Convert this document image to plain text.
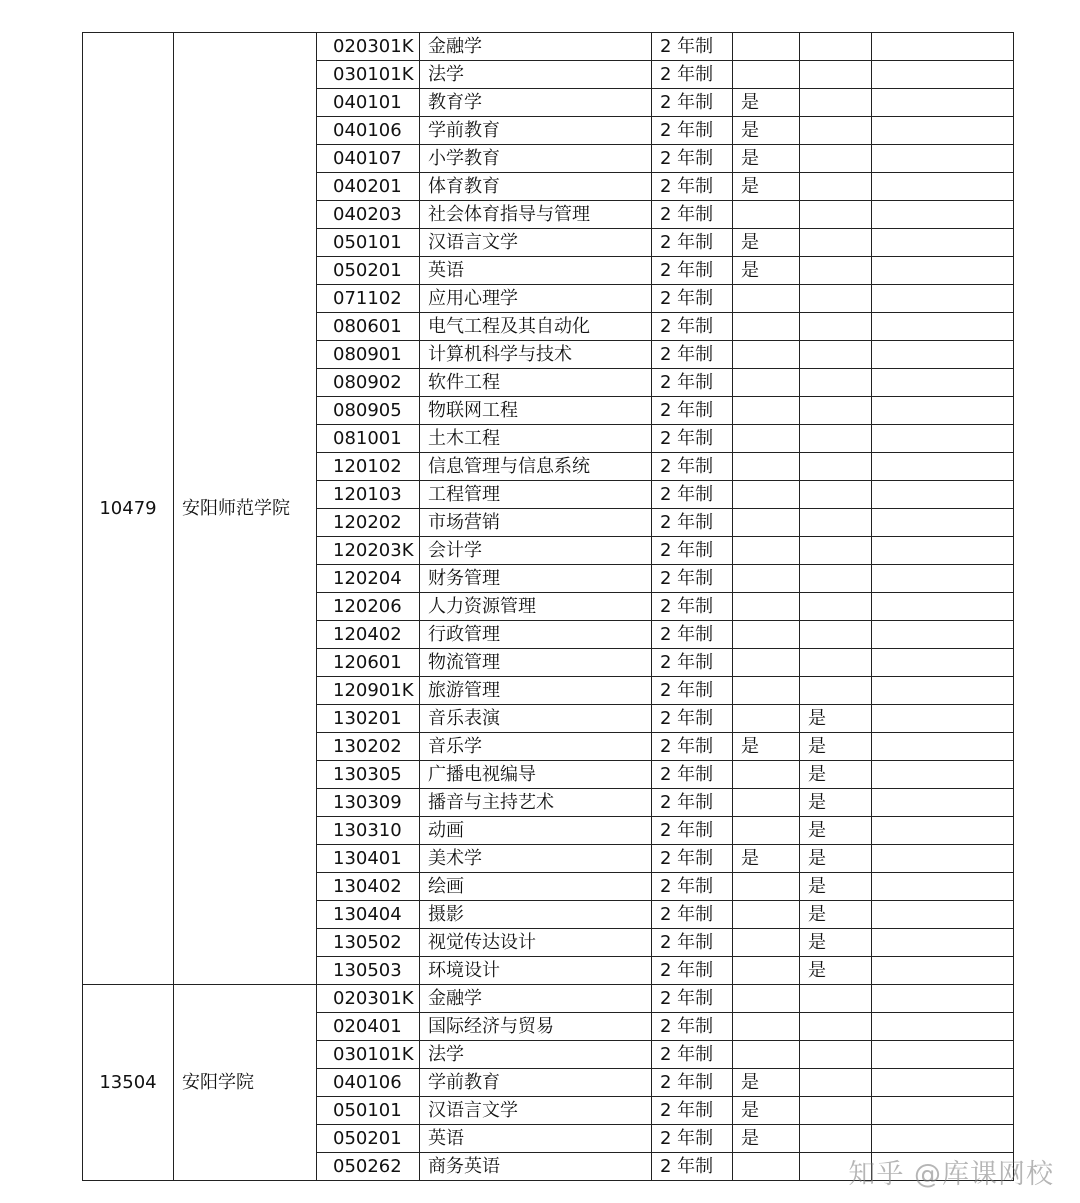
10479	安阳师范学院	020301K	金融学	2 年制			
		030101K	法学	2 年制			
		040101	教育学	2 年制	是		
		040106	学前教育	2 年制	是		
		040107	小学教育	2 年制	是		
		040201	体育教育	2 年制	是		
		040203	社会体育指导与管理	2 年制			
		050101	汉语言文学	2 年制	是		
		050201	英语	2 年制	是		
		071102	应用心理学	2 年制			
		080601	电气工程及其自动化	2 年制			
		080901	计算机科学与技术	2 年制			
		080902	软件工程	2 年制			
		080905	物联网工程	2 年制			
		081001	土木工程	2 年制			
		120102	信息管理与信息系统	2 年制			
		120103	工程管理	2 年制			
		120202	市场营销	2 年制			
		120203K	会计学	2 年制			
		120204	财务管理	2 年制			
		120206	人力资源管理	2 年制			
		120402	行政管理	2 年制			
		120601	物流管理	2 年制			
		120901K	旅游管理	2 年制			
		130201	音乐表演	2 年制		是	
		130202	音乐学	2 年制	是	是	
		130305	广播电视编导	2 年制		是	
		130309	播音与主持艺术	2 年制		是	
		130310	动画	2 年制		是	
		130401	美术学	2 年制	是	是	
		130402	绘画	2 年制		是	
		130404	摄影	2 年制		是	
		130502	视觉传达设计	2 年制		是	
		130503	环境设计	2 年制		是	
13504	安阳学院	020301K	金融学	2 年制			
		020401	国际经济与贸易	2 年制			
		030101K	法学	2 年制			
		040106	学前教育	2 年制	是		
		050101	汉语言文学	2 年制	是		
		050201	英语	2 年制	是		
		050262	商务英语	2 年制				知乎 @库课网校
